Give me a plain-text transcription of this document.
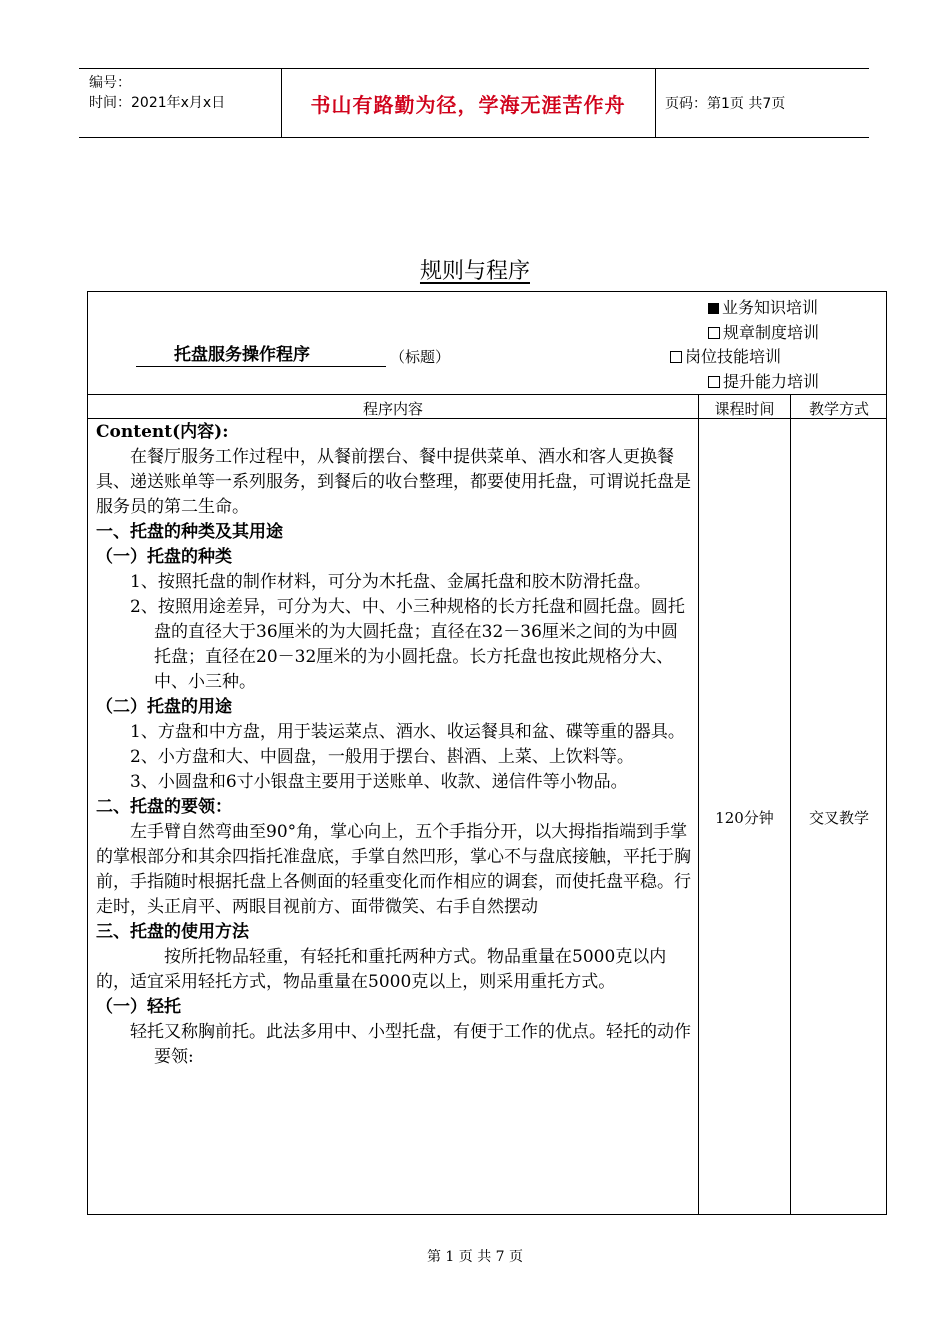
编号：
时间：2021年x月x日	书山有路勤为径，学海无涯苦作舟	页码：第1页 共7页
规则与程序
托盘服务操作程序	（标题）
业务知识培训
规章制度培训
岗位技能培训
提升能力培训
程序内容	课程时间	教学方式

Content(内容):

在餐厅服务工作过程中，从餐前摆台、餐中提供菜单、酒水和客人更换餐具、递送账单等一系列服务，到餐后的收台整理，都要使用托盘，可谓说托盘是服务员的第二生命。

一、托盘的种类及其用途

（一）托盘的种类

1、按照托盘的制作材料，可分为木托盘、金属托盘和胶木防滑托盘。

2、按照用途差异，可分为大、中、小三种规格的长方托盘和圆托盘。圆托盘的直径大于36厘米的为大圆托盘；直径在32－36厘米之间的为中圆托盘；直径在20－32厘米的为小圆托盘。长方托盘也按此规格分大、中、小三种。

（二）托盘的用途

1、方盘和中方盘，用于装运菜点、酒水、收运餐具和盆、碟等重的器具。

2、小方盘和大、中圆盘，一般用于摆台、斟酒、上菜、上饮料等。

3、小圆盘和6寸小银盘主要用于送账单、收款、递信件等小物品。

二、托盘的要领：

左手臂自然弯曲至90°角，掌心向上，五个手指分开，以大拇指指端到手掌的掌根部分和其余四指托准盘底，手掌自然凹形，掌心不与盘底接触，平托于胸前，手指随时根据托盘上各侧面的轻重变化而作相应的调套，而使托盘平稳。行走时，头正肩平、两眼目视前方、面带微笑、右手自然摆动

三、托盘的使用方法

按所托物品轻重，有轻托和重托两种方式。物品重量在5000克以内的，适宜采用轻托方式，物品重量在5000克以上，则采用重托方式。

（一）轻托

轻托又称胸前托。此法多用中、小型托盘，有便于工作的优点。轻托的动作要领:

120分钟	交叉教学
第 1 页 共 7 页
